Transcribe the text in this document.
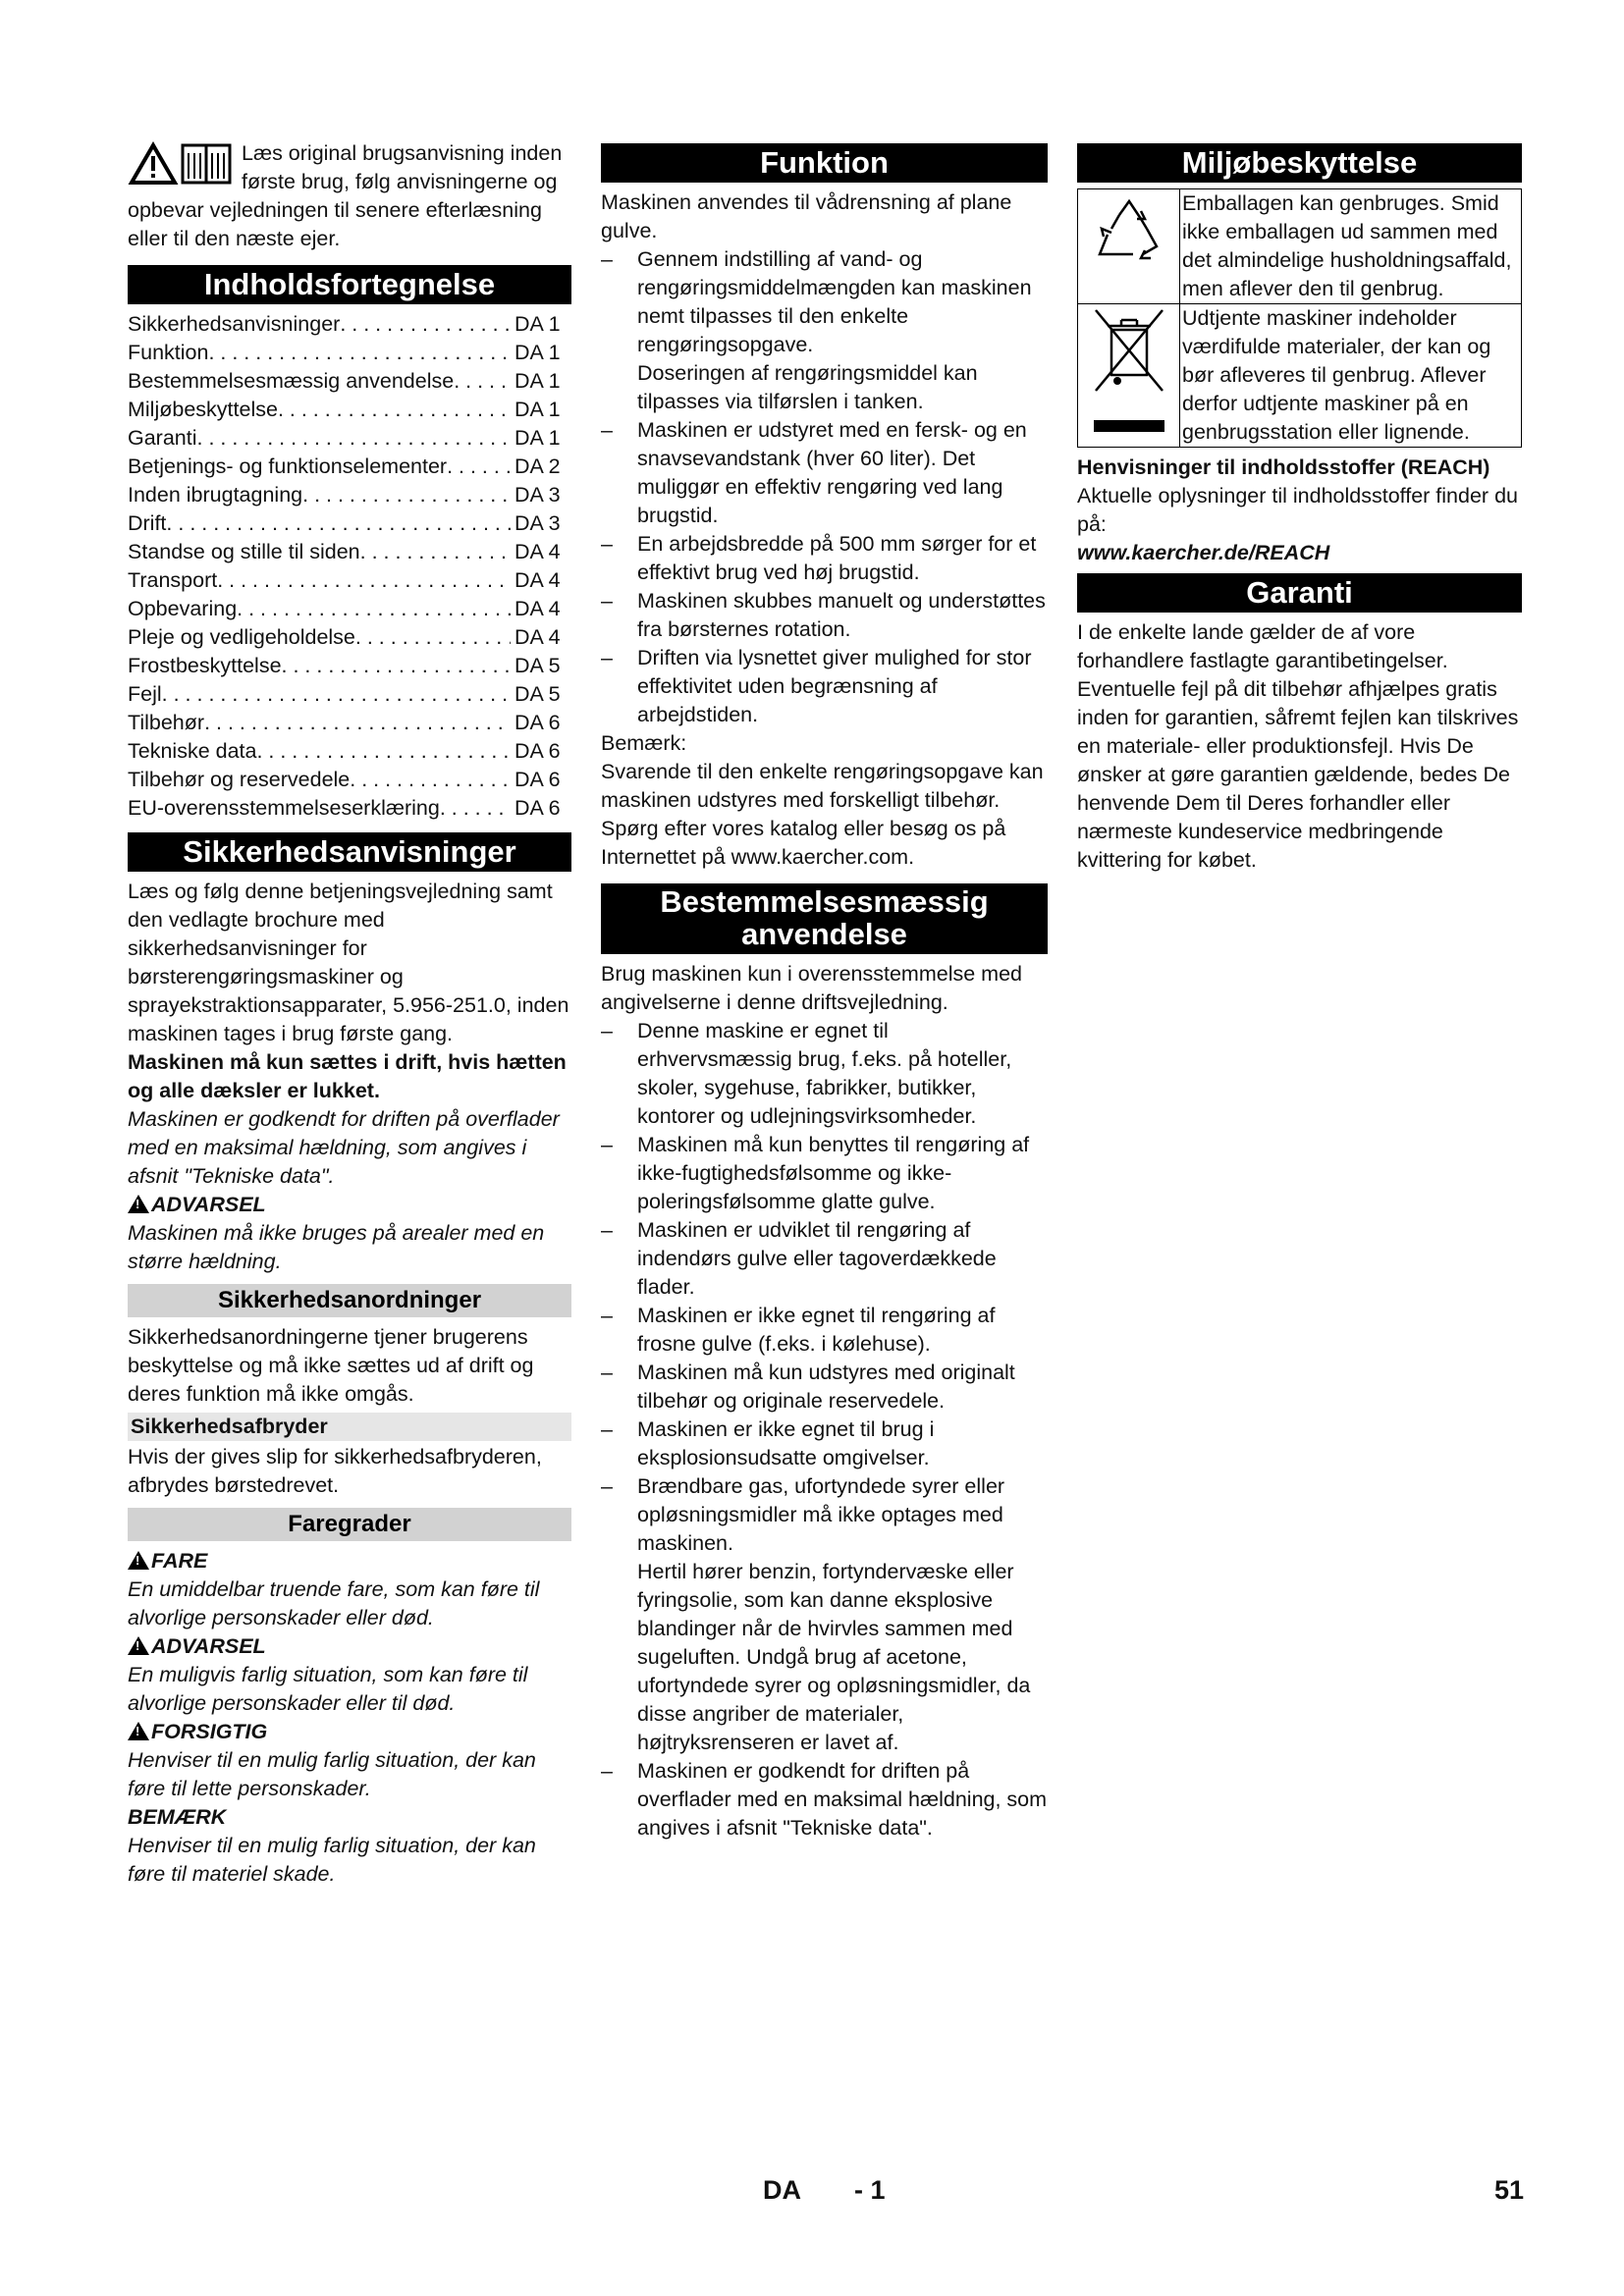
Læs original brugsanvisning inden første brug, følg anvisningerne og opbevar vejledningen til senere efterlæsning eller til den næste ejer.
Indholdsfortegnelse
Sikkerhedsanvisninger . . .	DA 1
Funktion . . .	DA 1
Bestemmelsesmæssig anvendelse . . .	DA 1
Miljøbeskyttelse . . .	DA 1
Garanti . . .	DA 1
Betjenings- og funktionselementer . . .	DA 2
Inden ibrugtagning . . .	DA 3
Drift . . .	DA 3
Standse og stille til siden . . .	DA 4
Transport . . .	DA 4
Opbevaring . . .	DA 4
Pleje og vedligeholdelse . . .	DA 4
Frostbeskyttelse . . .	DA 5
Fejl . . .	DA 5
Tilbehør . . .	DA 6
Tekniske data . . .	DA 6
Tilbehør og reservedele . . .	DA 6
EU-overensstemmelseserklæring . . .	DA 6
Sikkerhedsanvisninger

Læs og følg denne betjeningsvejledning samt den vedlagte brochure med sikkerhedsanvisninger for børsterengøringsmaskiner og sprayekstraktionsapparater, 5.956-251.0, inden maskinen tages i brug første gang.

Maskinen må kun sættes i drift, hvis hætten og alle dæksler er lukket.

Maskinen er godkendt for driften på overflader med en maksimal hældning, som angives i afsnit "Tekniske data".

!ADVARSEL

Maskinen må ikke bruges på arealer med en større hældning.

Sikkerhedsanordninger

Sikkerhedsanordningerne tjener brugerens beskyttelse og må ikke sættes ud af drift og deres funktion må ikke omgås.

Sikkerhedsafbryder

Hvis der gives slip for sikkerhedsafbryderen, afbrydes børstedrevet.

Faregrader

!FARE

En umiddelbar truende fare, som kan føre til alvorlige personskader eller død.

!ADVARSEL

En muligvis farlig situation, som kan føre til alvorlige personskader eller til død.

!FORSIGTIG

Henviser til en mulig farlig situation, der kan føre til lette personskader.

BEMÆRK

Henviser til en mulig farlig situation, der kan føre til materiel skade.

Funktion

Maskinen anvendes til vådrensning af plane gulve.

– Gennem indstilling af vand- og rengøringsmiddelmængden kan maskinen nemt tilpasses til den enkelte rengøringsopgave.
Doseringen af rengøringsmiddel kan tilpasses via tilførslen i tanken.
– Maskinen er udstyret med en fersk- og en snavsevandstank (hver 60 liter). Det muliggør en effektiv rengøring ved lang brugstid.
– En arbejdsbredde på 500 mm sørger for et effektivt brug ved høj brugstid.
– Maskinen skubbes manuelt og understøttes fra børsternes rotation.
– Driften via lysnettet giver mulighed for stor effektivitet uden begrænsning af arbejdstiden.

Bemærk:

Svarende til den enkelte rengøringsopgave kan maskinen udstyres med forskelligt tilbehør.

Spørg efter vores katalog eller besøg os på Internettet på www.kaercher.com.

Bestemmelsesmæssig
anvendelse

Brug maskinen kun i overensstemmelse med angivelserne i denne driftsvejledning.

– Denne maskine er egnet til erhvervsmæssig brug, f.eks. på hoteller, skoler, sygehuse, fabrikker, butikker, kontorer og udlejningsvirksomheder.
– Maskinen må kun benyttes til rengøring af ikke-fugtighedsfølsomme og ikke-poleringsfølsomme glatte gulve.
– Maskinen er udviklet til rengøring af indendørs gulve eller tagoverdækkede flader.
– Maskinen er ikke egnet til rengøring af frosne gulve (f.eks. i kølehuse).
– Maskinen må kun udstyres med originalt tilbehør og originale reservedele.
– Maskinen er ikke egnet til brug i eksplosionsudsatte omgivelser.
– Brændbare gas, ufortyndede syrer eller opløsningsmidler må ikke optages med maskinen.
Hertil hører benzin, fortyndervæske eller fyringsolie, som kan danne eksplosive blandinger når de hvirvles sammen med sugeluften. Undgå brug af acetone, ufortyndede syrer og opløsningsmidler, da disse angriber de materialer, højtryksrenseren er lavet af.
– Maskinen er godkendt for driften på overflader med en maksimal hældning, som angives i afsnit "Tekniske data".
Miljøbeskyttelse
Emballagen kan genbruges. Smid ikke emballagen ud sammen med det almindelige husholdningsaffald, men aflever den til genbrug.
Udtjente maskiner indeholder værdifulde materialer, der kan og bør afleveres til genbrug. Aflever derfor udtjente maskiner på en genbrugsstation eller lignende.

Henvisninger til indholdsstoffer (REACH)

Aktuelle oplysninger til indholdsstoffer finder du på:

www.kaercher.de/REACH

Garanti

I de enkelte lande gælder de af vore forhandlere fastlagte garantibetingelser. Eventuelle fejl på dit tilbehør afhjælpes gratis inden for garantien, såfremt fejlen kan tilskrives en materiale- eller produktionsfejl. Hvis De ønsker at gøre garantien gældende, bedes De henvende Dem til Deres forhandler eller nærmeste kundeservice medbringende kvittering for købet.

DA - 1	51
